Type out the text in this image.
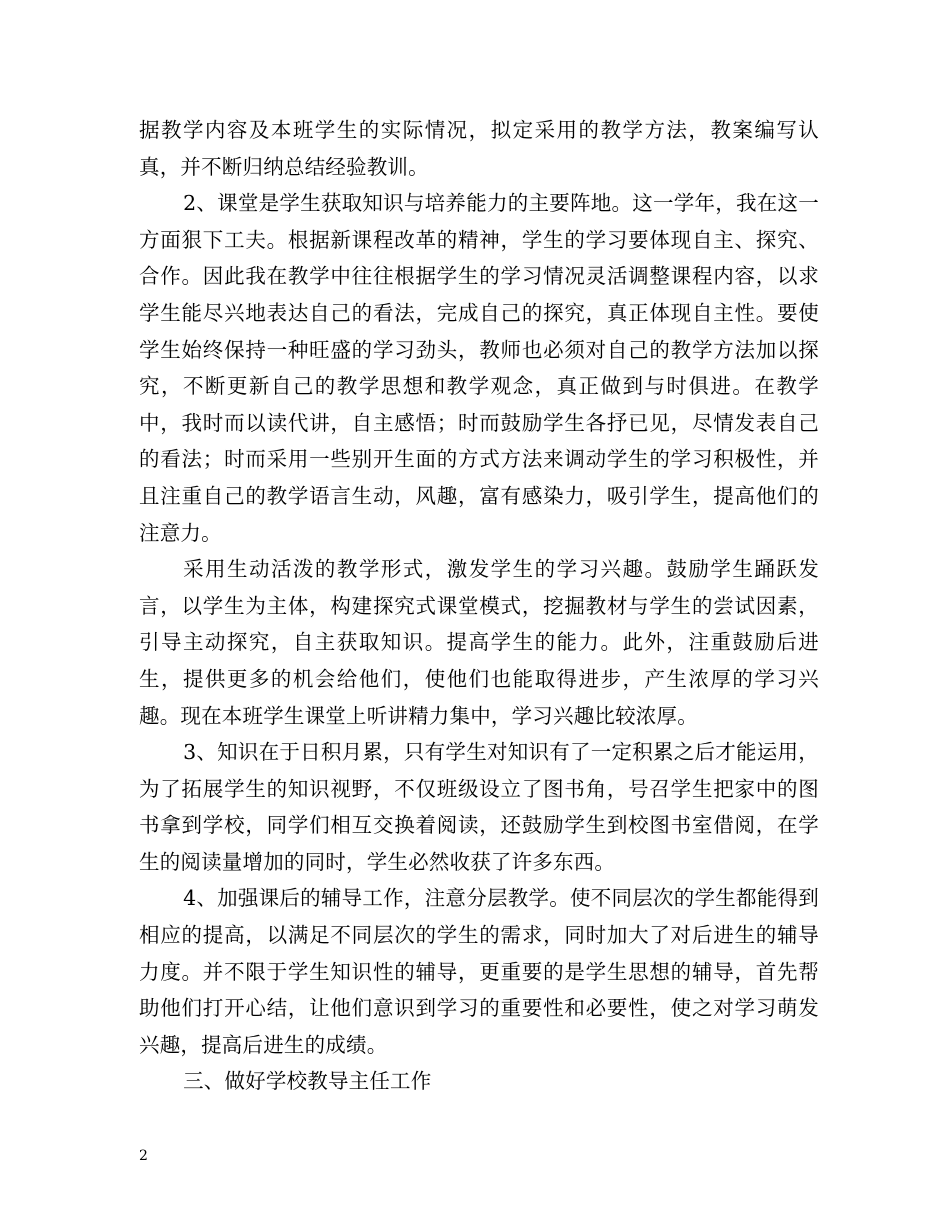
据教学内容及本班学生的实际情况，拟定采用的教学方法，教案编写认真，并不断归纳总结经验教训。

2、课堂是学生获取知识与培养能力的主要阵地。这一学年，我在这一方面狠下工夫。根据新课程改革的精神，学生的学习要体现自主、探究、合作。因此我在教学中往往根据学生的学习情况灵活调整课程内容，以求学生能尽兴地表达自己的看法，完成自己的探究，真正体现自主性。要使学生始终保持一种旺盛的学习劲头，教师也必须对自己的教学方法加以探究，不断更新自己的教学思想和教学观念，真正做到与时俱进。在教学中，我时而以读代讲，自主感悟；时而鼓励学生各抒已见，尽情发表自己的看法；时而采用一些别开生面的方式方法来调动学生的学习积极性，并且注重自己的教学语言生动，风趣，富有感染力，吸引学生，提高他们的注意力。

采用生动活泼的教学形式，激发学生的学习兴趣。鼓励学生踊跃发言，以学生为主体，构建探究式课堂模式，挖掘教材与学生的尝试因素，引导主动探究，自主获取知识。提高学生的能力。此外，注重鼓励后进生，提供更多的机会给他们，使他们也能取得进步，产生浓厚的学习兴趣。现在本班学生课堂上听讲精力集中，学习兴趣比较浓厚。

3、知识在于日积月累，只有学生对知识有了一定积累之后才能运用，为了拓展学生的知识视野，不仅班级设立了图书角，号召学生把家中的图书拿到学校，同学们相互交换着阅读，还鼓励学生到校图书室借阅，在学生的阅读量增加的同时，学生必然收获了许多东西。

4、加强课后的辅导工作，注意分层教学。使不同层次的学生都能得到相应的提高，以满足不同层次的学生的需求，同时加大了对后进生的辅导力度。并不限于学生知识性的辅导，更重要的是学生思想的辅导，首先帮助他们打开心结，让他们意识到学习的重要性和必要性，使之对学习萌发兴趣，提高后进生的成绩。

三、做好学校教导主任工作

2
